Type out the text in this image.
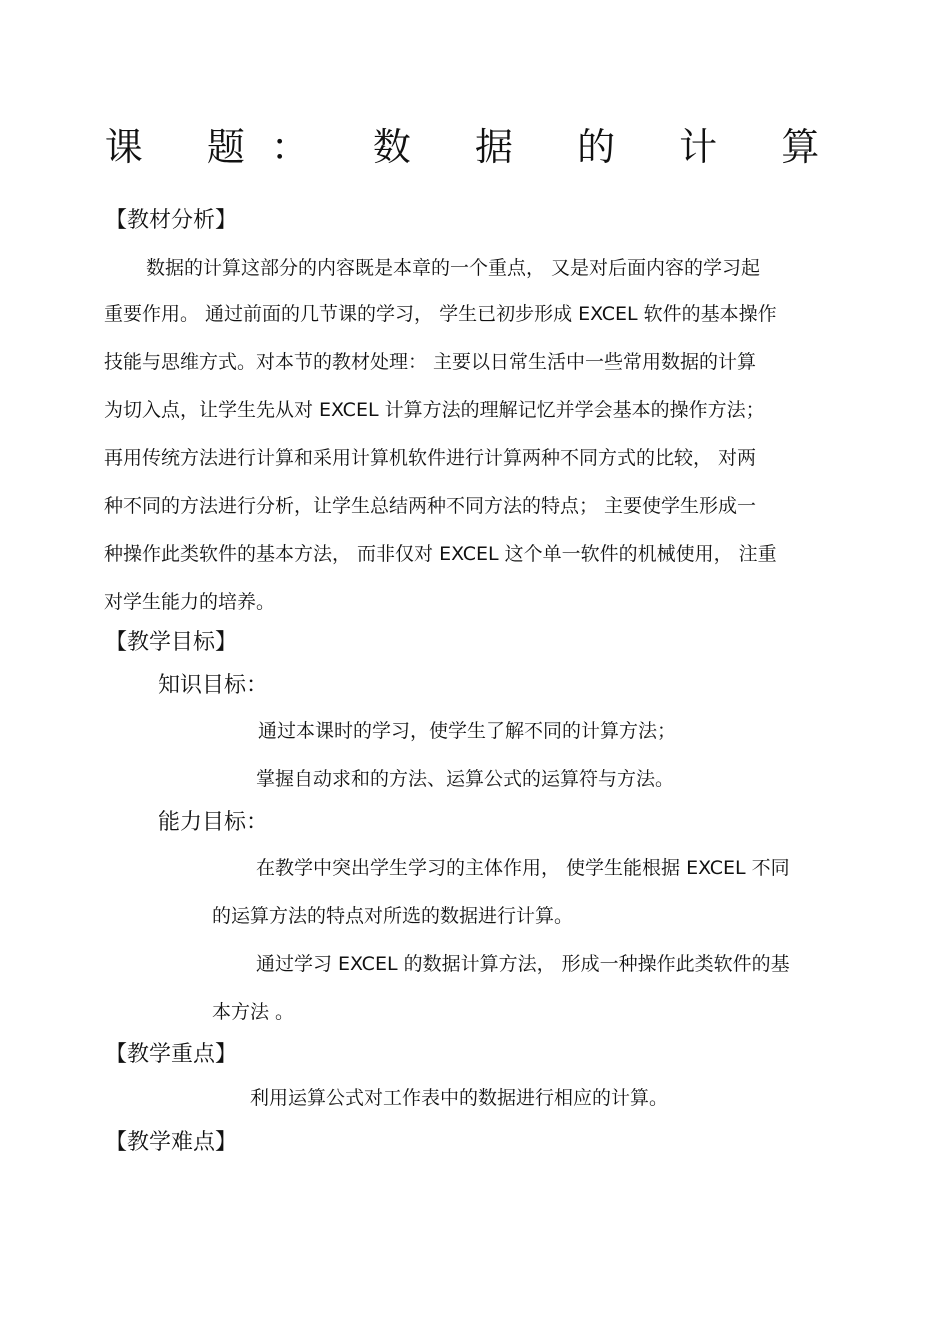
课 题： 数 据 的 计 算
【教材分析】
数据的计算这部分的内容既是本章的一个重点， 又是对后面内容的学习起
重要作用。 通过前面的几节课的学习， 学生已初步形成 EXCEL 软件的基本操作
技能与思维方式。对本节的教材处理： 主要以日常生活中一些常用数据的计算
为切入点，让学生先从对 EXCEL 计算方法的理解记忆并学会基本的操作方法；
再用传统方法进行计算和采用计算机软件进行计算两种不同方式的比较， 对两
种不同的方法进行分析，让学生总结两种不同方法的特点； 主要使学生形成一
种操作此类软件的基本方法， 而非仅对 EXCEL 这个单一软件的机械使用， 注重
对学生能力的培养。
【教学目标】
知识目标：
通过本课时的学习，使学生了解不同的计算方法；
掌握自动求和的方法、运算公式的运算符与方法。
能力目标：
在教学中突出学生学习的主体作用， 使学生能根据 EXCEL 不同
的运算方法的特点对所选的数据进行计算。
通过学习 EXCEL 的数据计算方法， 形成一种操作此类软件的基
本方法 。
【教学重点】
利用运算公式对工作表中的数据进行相应的计算。
【教学难点】
